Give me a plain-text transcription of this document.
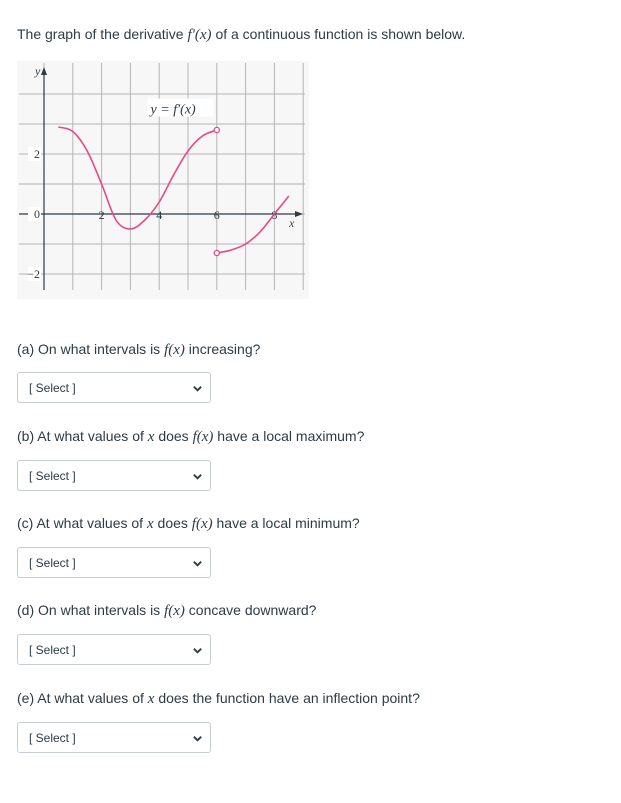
The graph of the derivative f′(x) of a continuous function is shown below.
y
x
2
0
−2
2	4	6	8
y = f′(x)
(a) On what intervals is f(x) increasing?
[ Select ]
(b) At what values of x does f(x) have a local maximum?
[ Select ]
(c) At what values of x does f(x) have a local minimum?
[ Select ]
(d) On what intervals is f(x) concave downward?
[ Select ]
(e) At what values of x does the function have an inflection point?
[ Select ]
